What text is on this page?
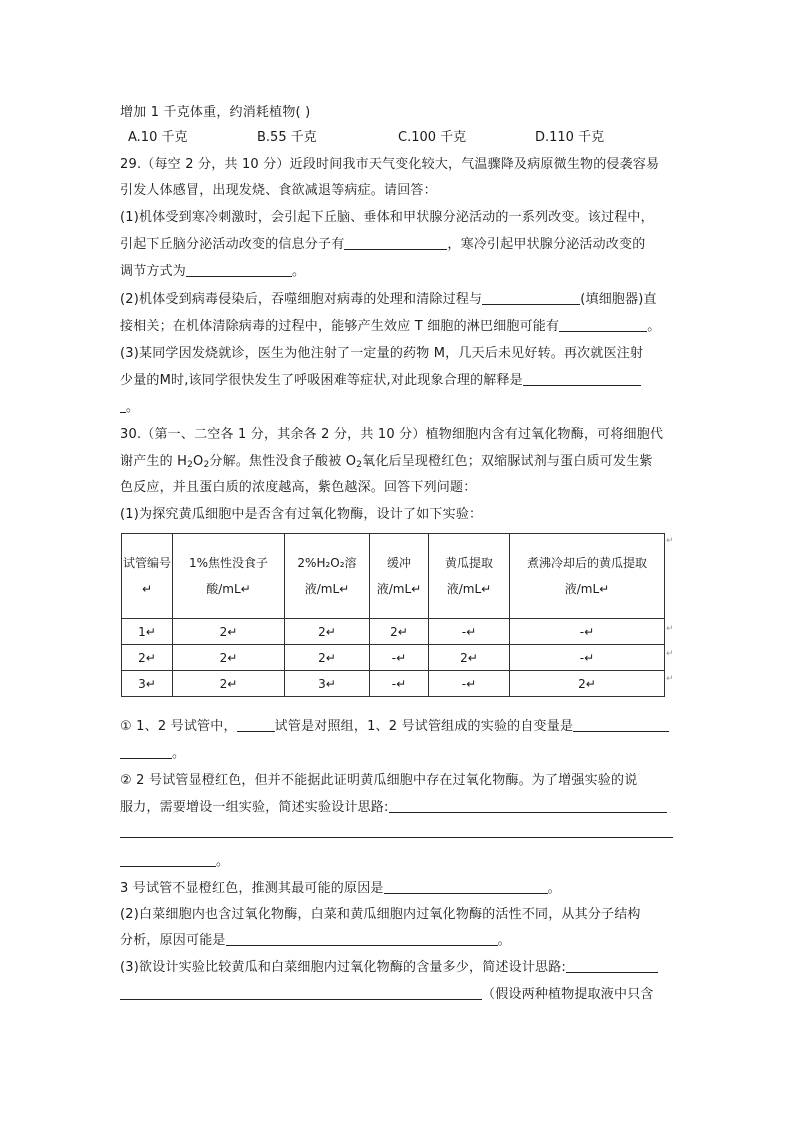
增加 1 千克体重，约消耗植物( )
A.10 千克	B.55 千克	C.100 千克	D.110 千克
29.（每空 2 分，共 10 分）近段时间我市天气变化较大，气温骤降及病原微生物的侵袭容易
引发人体感冒，出现发烧、食欲减退等病症。请回答：
(1)机体受到寒冷刺激时，会引起下丘脑、垂体和甲状腺分泌活动的一系列改变。该过程中，
引起下丘脑分泌活动改变的信息分子有	，寒冷引起甲状腺分泌活动改变的
调节方式为	。
(2)机体受到病毒侵染后，吞噬细胞对病毒的处理和清除过程与	(填细胞器)直
接相关；在机体清除病毒的过程中，能够产生效应 T 细胞的淋巴细胞可能有	。
(3)某同学因发烧就诊，医生为他注射了一定量的药物 M，几天后未见好转。再次就医注射
少量的M时,该同学很快发生了呼吸困难等症状,对此现象合理的解释是
。
30.（第一、二空各 1 分，其余各 2 分，共 10 分）植物细胞内含有过氧化物酶，可将细胞代
谢产生的 $H_2O_2$分解。焦性没食子酸被 $O_2$氧化后呈现橙红色；双缩脲试剂与蛋白质可发生紫
色反应，并且蛋白质的浓度越高，紫色越深。回答下列问题：
(1)为探究黄瓜细胞中是否含有过氧化物酶，设计了如下实验：
试管编号↵	1%焦性没食子酸/mL↵	2%H₂O₂溶液/mL↵	缓冲液/mL↵	黄瓜提取液/mL↵	煮沸冷却后的黄瓜提取液/mL↵
1↵	2↵	2↵	2↵	-↵	-↵
2↵	2↵	2↵	-↵	2↵	-↵
3↵	2↵	3↵	-↵	-↵	2↵
↵
↵
↵
↵
① 1、2 号试管中，	试管是对照组，1、2 号试管组成的实验的自变量是
。
② 2 号试管显橙红色，但并不能据此证明黄瓜细胞中存在过氧化物酶。为了增强实验的说
服力，需要增设一组实验，简述实验设计思路:
。
3 号试管不显橙红色，推测其最可能的原因是	。
(2)白菜细胞内也含过氧化物酶，白菜和黄瓜细胞内过氧化物酶的活性不同，从其分子结构
分析，原因可能是	。
(3)欲设计实验比较黄瓜和白菜细胞内过氧化物酶的含量多少，简述设计思路:
（假设两种植物提取液中只含
